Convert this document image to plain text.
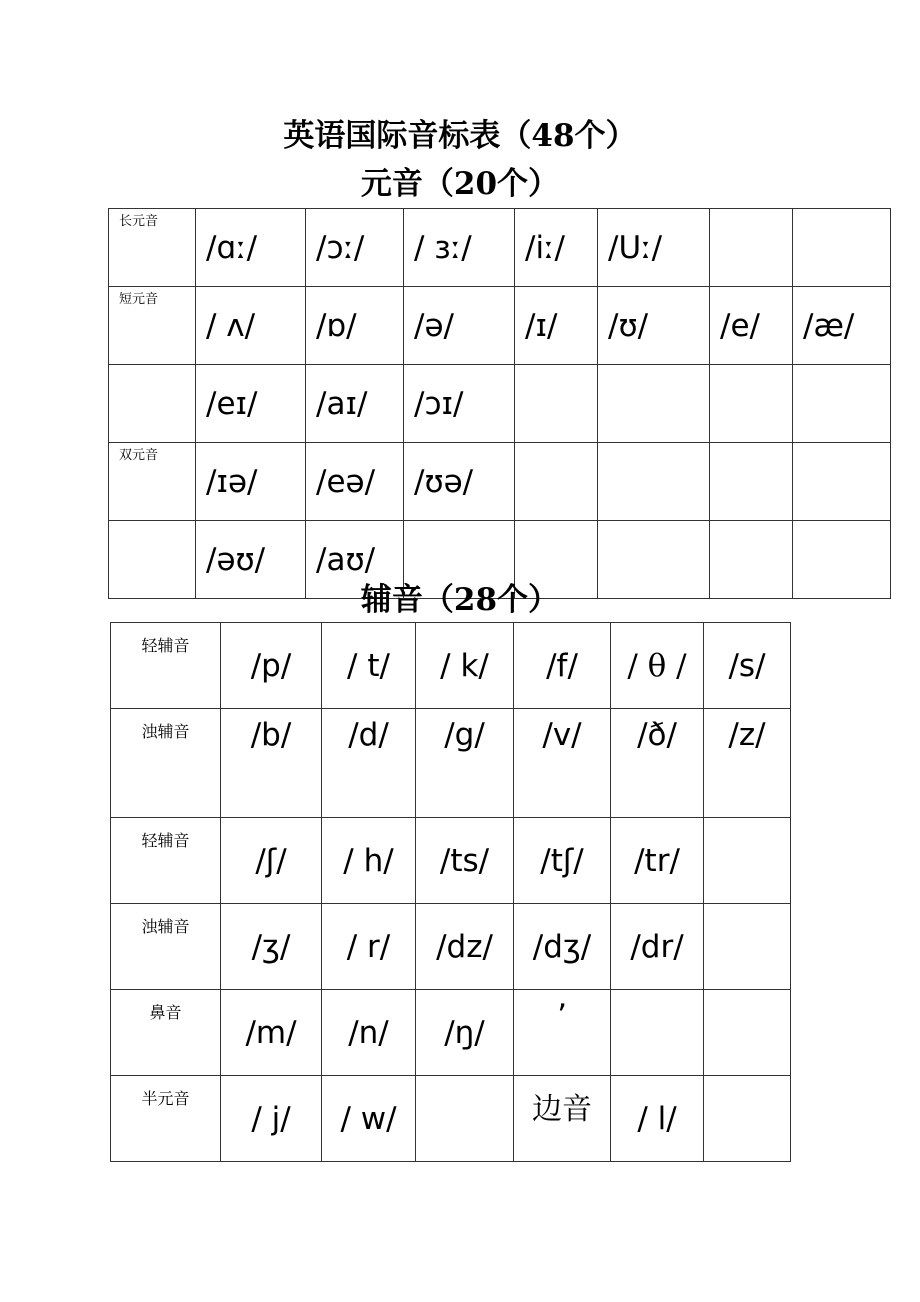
英语国际音标表（48个）
元音（20个）
长元音	/ɑː/	/ɔː/	/ ɜː/	/iː/	/Uː/		
短元音	/ ʌ/	/ɒ/	/ə/	/ɪ/	/ʊ/	/e/	/æ/
	/eɪ/	/aɪ/	/ɔɪ/				
双元音	/ɪə/	/eə/	/ʊə/				
	/əʊ/	/aʊ/					
辅音（28个）
轻辅音	/p/	/ t/	/ k/	/f/	/ θ /	/s/
浊辅音	/b/	/d/	/g/	/v/	/ð/	/z/
轻辅音	/ʃ/	/ h/	/ts/	/tʃ/	/tr/	
浊辅音	/ʒ/	/ r/	/dz/	/dʒ/	/dr/	
鼻音	/m/	/n/	/ŋ/	’		
半元音	/ j/	/ w/		边音	/ l/	
